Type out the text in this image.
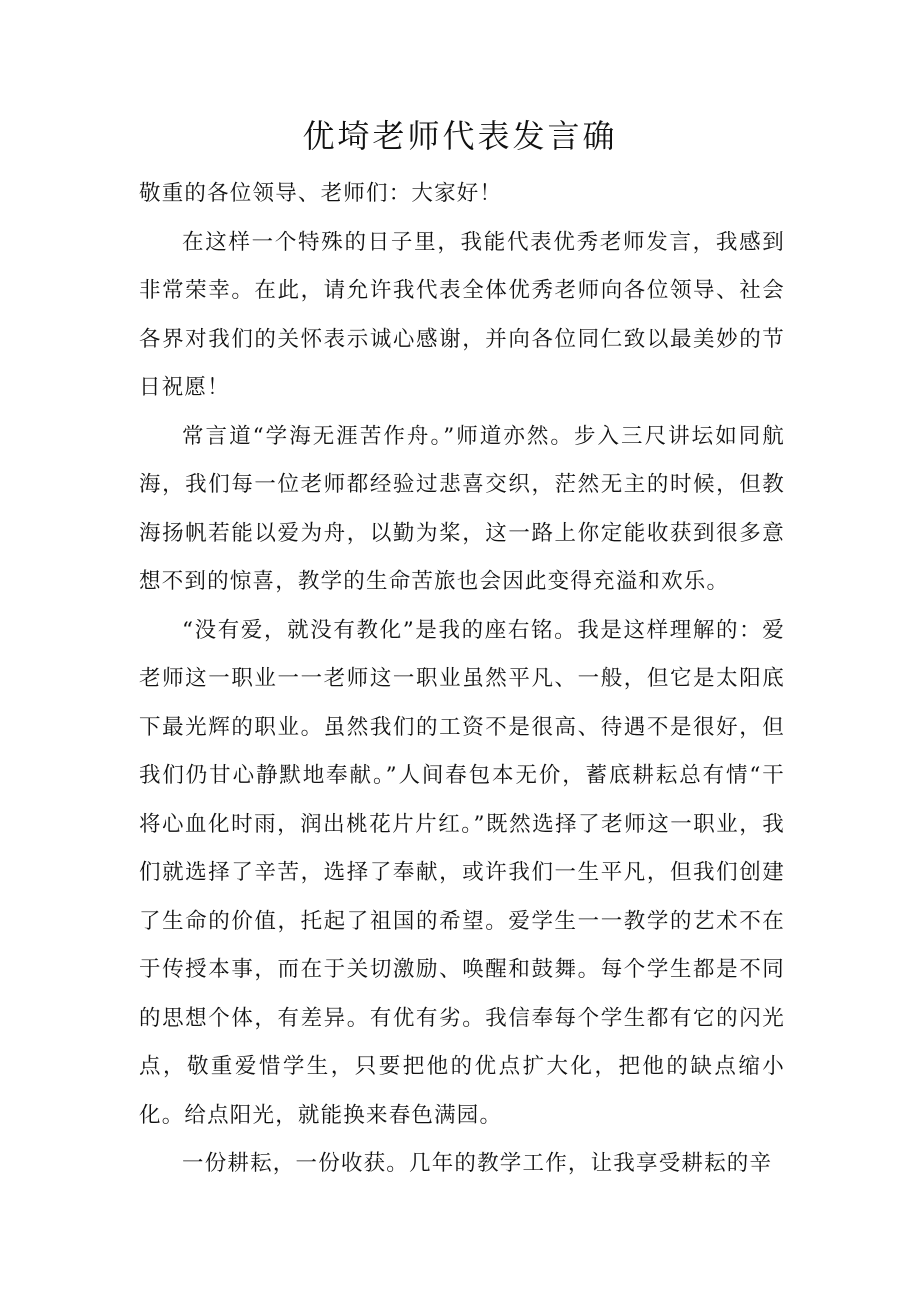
优埼老师代表发言确

敬重的各位领导、老师们：大家好！

在这样一个特殊的日子里，我能代表优秀老师发言，我感到非常荣幸。在此，请允许我代表全体优秀老师向各位领导、社会各界对我们的关怀表示诚心感谢，并向各位同仁致以最美妙的节日祝愿！

常言道“学海无涯苦作舟。”师道亦然。步入三尺讲坛如同航海，我们每一位老师都经验过悲喜交织，茫然无主的时候，但教海扬帆若能以爱为舟，以勤为桨，这一路上你定能收获到很多意想不到的惊喜，教学的生命苦旅也会因此变得充溢和欢乐。

“没有爱，就没有教化”是我的座右铭。我是这样理解的：爱老师这一职业一一老师这一职业虽然平凡、一般，但它是太阳底下最光辉的职业。虽然我们的工资不是很高、待遇不是很好，但我们仍甘心静默地奉献。”人间春包本无价，蓄底耕耘总有情“干将心血化时雨，润出桃花片片红。”既然选择了老师这一职业，我们就选择了辛苦，选择了奉献，或许我们一生平凡，但我们创建了生命的价值，托起了祖国的希望。爱学生一一教学的艺术不在于传授本事，而在于关切激励、唤醒和鼓舞。每个学生都是不同的思想个体，有差异。有优有劣。我信奉每个学生都有它的闪光点，敬重爱惜学生，只要把他的优点扩大化，把他的缺点缩小化。给点阳光，就能换来春色满园。

一份耕耘，一份收获。几年的教学工作，让我享受耕耘的辛
